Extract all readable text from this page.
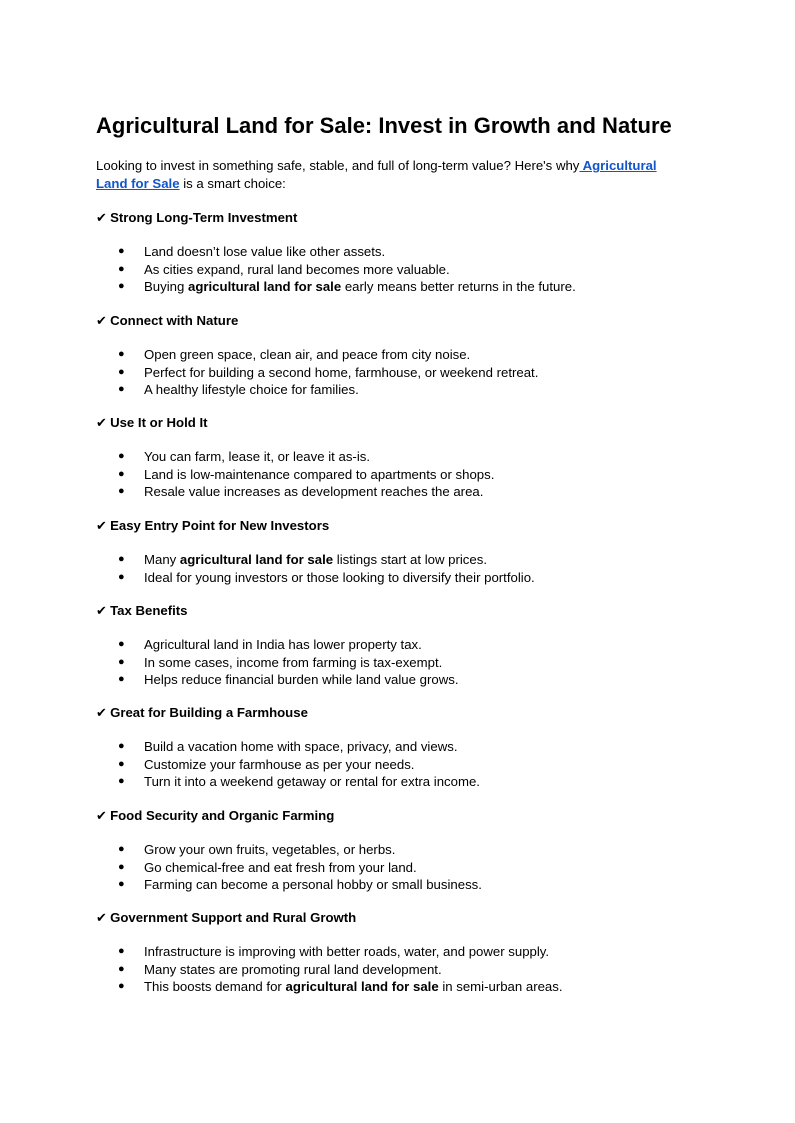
Agricultural Land for Sale: Invest in Growth and Nature

Looking to invest in something safe, stable, and full of long-term value? Here's why Agricultural Land for Sale is a smart choice:

✔ Strong Long-Term Investment

● Land doesn’t lose value like other assets.
● As cities expand, rural land becomes more valuable.
● Buying agricultural land for sale early means better returns in the future.

✔ Connect with Nature

● Open green space, clean air, and peace from city noise.
● Perfect for building a second home, farmhouse, or weekend retreat.
● A healthy lifestyle choice for families.

✔ Use It or Hold It

● You can farm, lease it, or leave it as-is.
● Land is low-maintenance compared to apartments or shops.
● Resale value increases as development reaches the area.

✔ Easy Entry Point for New Investors

● Many agricultural land for sale listings start at low prices.
● Ideal for young investors or those looking to diversify their portfolio.

✔ Tax Benefits

● Agricultural land in India has lower property tax.
● In some cases, income from farming is tax-exempt.
● Helps reduce financial burden while land value grows.

✔ Great for Building a Farmhouse

● Build a vacation home with space, privacy, and views.
● Customize your farmhouse as per your needs.
● Turn it into a weekend getaway or rental for extra income.

✔ Food Security and Organic Farming

● Grow your own fruits, vegetables, or herbs.
● Go chemical-free and eat fresh from your land.
● Farming can become a personal hobby or small business.

✔ Government Support and Rural Growth

● Infrastructure is improving with better roads, water, and power supply.
● Many states are promoting rural land development.
● This boosts demand for agricultural land for sale in semi-urban areas.
